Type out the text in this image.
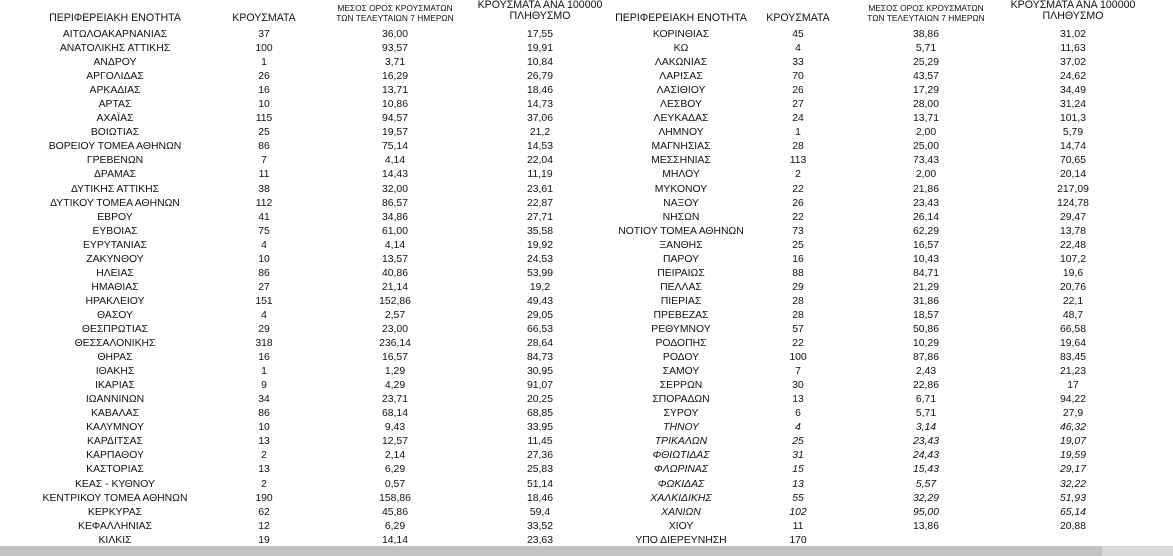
ΠΕΡΙΦΕΡΕΙΑΚΗ ΕΝΟΤΗΤΑ	ΚΡΟΥΣΜΑΤΑ
ΜΕΣΟΣ ΟΡΟΣ ΚΡΟΥΣΜΑΤΩΝ
ΤΩΝ ΤΕΛΕΥΤΑΙΩΝ 7 ΗΜΕΡΩΝ
ΚΡΟΥΣΜΑΤΑ ΑΝΑ 100000
ΠΛΗΘΥΣΜΟ
ΑΙΤΩΛΟΑΚΑΡΝΑΝΙΑΣ	37	36,00	17,55
ΑΝΑΤΟΛΙΚΗΣ ΑΤΤΙΚΗΣ	100	93,57	19,91
ΑΝΔΡΟΥ	1	3,71	10,84
ΑΡΓΟΛΙΔΑΣ	26	16,29	26,79
ΑΡΚΑΔΙΑΣ	16	13,71	18,46
ΑΡΤΑΣ	10	10,86	14,73
ΑΧΑΪΑΣ	115	94,57	37,06
ΒΟΙΩΤΙΑΣ	25	19,57	21,2
ΒΟΡΕΙΟΥ ΤΟΜΕΑ ΑΘΗΝΩΝ	86	75,14	14,53
ΓΡΕΒΕΝΩΝ	7	4,14	22,04
ΔΡΑΜΑΣ	11	14,43	11,19
ΔΥΤΙΚΗΣ ΑΤΤΙΚΗΣ	38	32,00	23,61
ΔΥΤΙΚΟΥ ΤΟΜΕΑ ΑΘΗΝΩΝ	112	86,57	22,87
ΕΒΡΟΥ	41	34,86	27,71
ΕΥΒΟΙΑΣ	75	61,00	35,58
ΕΥΡΥΤΑΝΙΑΣ	4	4,14	19,92
ΖΑΚΥΝΘΟΥ	10	13,57	24,53
ΗΛΕΙΑΣ	86	40,86	53,99
ΗΜΑΘΙΑΣ	27	21,14	19,2
ΗΡΑΚΛΕΙΟΥ	151	152,86	49,43
ΘΑΣΟΥ	4	2,57	29,05
ΘΕΣΠΡΩΤΙΑΣ	29	23,00	66,53
ΘΕΣΣΑΛΟΝΙΚΗΣ	318	236,14	28,64
ΘΗΡΑΣ	16	16,57	84,73
ΙΘΑΚΗΣ	1	1,29	30,95
ΙΚΑΡΙΑΣ	9	4,29	91,07
ΙΩΑΝΝΙΝΩΝ	34	23,71	20,25
ΚΑΒΑΛΑΣ	86	68,14	68,85
ΚΑΛΥΜΝΟΥ	10	9,43	33,95
ΚΑΡΔΙΤΣΑΣ	13	12,57	11,45
ΚΑΡΠΑΘΟΥ	2	2,14	27,36
ΚΑΣΤΟΡΙΑΣ	13	6,29	25,83
ΚΕΑΣ - ΚΥΘΝΟΥ	2	0,57	51,14
ΚΕΝΤΡΙΚΟΥ ΤΟΜΕΑ ΑΘΗΝΩΝ	190	158,86	18,46
ΚΕΡΚΥΡΑΣ	62	45,86	59,4
ΚΕΦΑΛΛΗΝΙΑΣ	12	6,29	33,52
ΚΙΛΚΙΣ	19	14,14	23,63
ΠΕΡΙΦΕΡΕΙΑΚΗ ΕΝΟΤΗΤΑ	ΚΡΟΥΣΜΑΤΑ
ΜΕΣΟΣ ΟΡΟΣ ΚΡΟΥΣΜΑΤΩΝ
ΤΩΝ ΤΕΛΕΥΤΑΙΩΝ 7 ΗΜΕΡΩΝ
ΚΡΟΥΣΜΑΤΑ ΑΝΑ 100000
ΠΛΗΘΥΣΜΟ
ΚΟΡΙΝΘΙΑΣ	45	38,86	31,02
ΚΩ	4	5,71	11,63
ΛΑΚΩΝΙΑΣ	33	25,29	37,02
ΛΑΡΙΣΑΣ	70	43,57	24,62
ΛΑΣΙΘΙΟΥ	26	17,29	34,49
ΛΕΣΒΟΥ	27	28,00	31,24
ΛΕΥΚΑΔΑΣ	24	13,71	101,3
ΛΗΜΝΟΥ	1	2,00	5,79
ΜΑΓΝΗΣΙΑΣ	28	25,00	14,74
ΜΕΣΣΗΝΙΑΣ	113	73,43	70,65
ΜΗΛΟΥ	2	2,00	20,14
ΜΥΚΟΝΟΥ	22	21,86	217,09
ΝΑΞΟΥ	26	23,43	124,78
ΝΗΣΩΝ	22	26,14	29,47
ΝΟΤΙΟΥ ΤΟΜΕΑ ΑΘΗΝΩΝ	73	62,29	13,78
ΞΑΝΘΗΣ	25	16,57	22,48
ΠΑΡΟΥ	16	10,43	107,2
ΠΕΙΡΑΙΩΣ	88	84,71	19,6
ΠΕΛΛΑΣ	29	21,29	20,76
ΠΙΕΡΙΑΣ	28	31,86	22,1
ΠΡΕΒΕΖΑΣ	28	18,57	48,7
ΡΕΘΥΜΝΟΥ	57	50,86	66,58
ΡΟΔΟΠΗΣ	22	10,29	19,64
ΡΟΔΟΥ	100	87,86	83,45
ΣΑΜΟΥ	7	2,43	21,23
ΣΕΡΡΩΝ	30	22,86	17
ΣΠΟΡΑΔΩΝ	13	6,71	94,22
ΣΥΡΟΥ	6	5,71	27,9
ΤΗΝΟΥ	4	3,14	46,32
ΤΡΙΚΑΛΩΝ	25	23,43	19,07
ΦΘΙΩΤΙΔΑΣ	31	24,43	19,59
ΦΛΩΡΙΝΑΣ	15	15,43	29,17
ΦΩΚΙΔΑΣ	13	5,57	32,22
ΧΑΛΚΙΔΙΚΗΣ	55	32,29	51,93
ΧΑΝΙΩΝ	102	95,00	65,14
ΧΙΟΥ	11	13,86	20,88
ΥΠΟ ΔΙΕΡΕΥΝΗΣΗ	170
